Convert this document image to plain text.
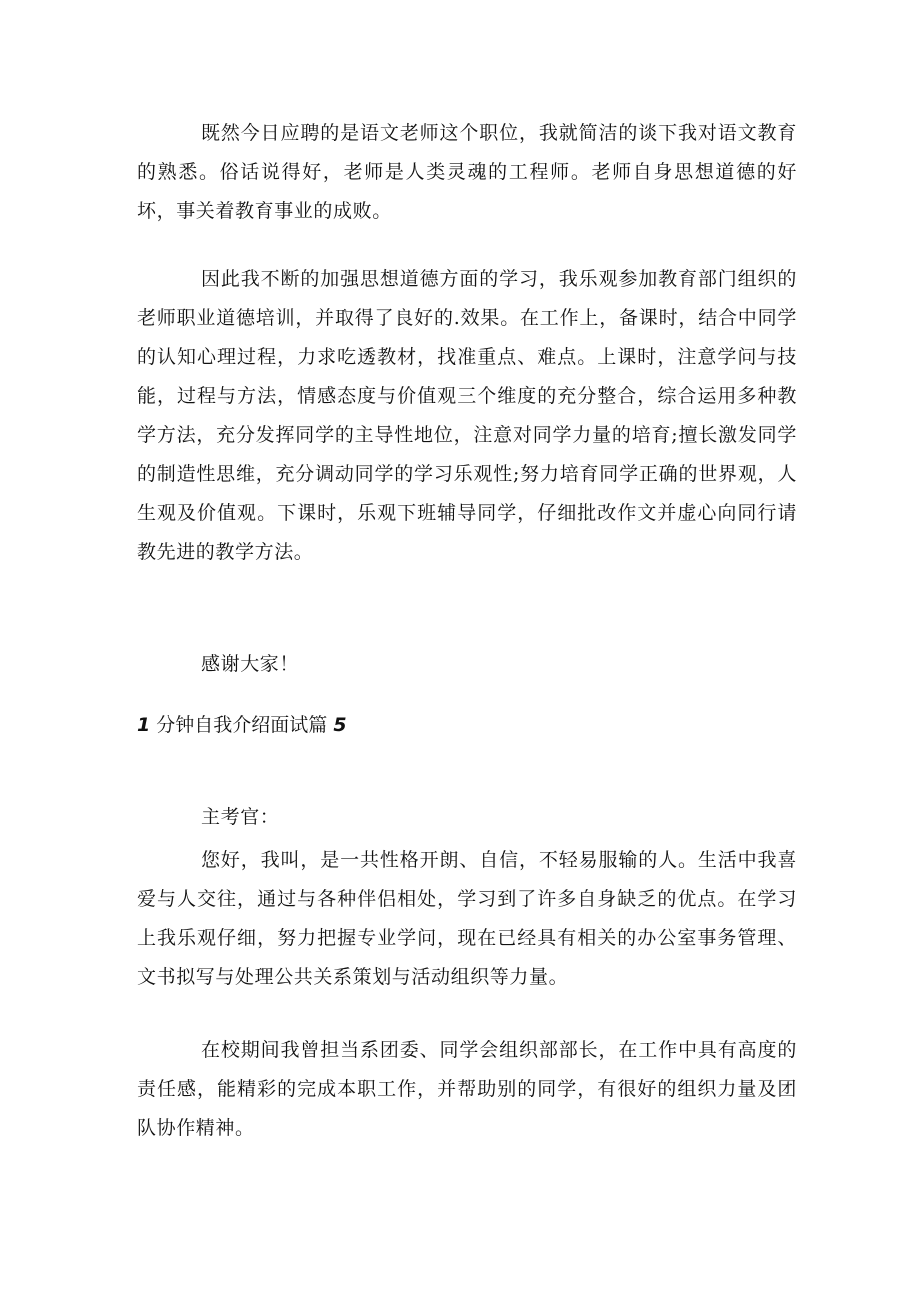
既然今日应聘的是语文老师这个职位，我就简洁的谈下我对语文教育的熟悉。俗话说得好，老师是人类灵魂的工程师。老师自身思想道德的好坏，事关着教育事业的成败。

因此我不断的加强思想道德方面的学习，我乐观参加教育部门组织的老师职业道德培训，并取得了良好的.效果。在工作上，备课时，结合中同学的认知心理过程，力求吃透教材，找准重点、难点。上课时，注意学问与技能，过程与方法，情感态度与价值观三个维度的充分整合，综合运用多种教学方法，充分发挥同学的主导性地位，注意对同学力量的培育;擅长激发同学的制造性思维，充分调动同学的学习乐观性;努力培育同学正确的世界观，人生观及价值观。下课时，乐观下班辅导同学，仔细批改作文并虚心向同行请教先进的教学方法。

感谢大家！

1 分钟自我介绍面试篇 5

主考官：

您好，我叫，是一共性格开朗、自信，不轻易服输的人。生活中我喜爱与人交往，通过与各种伴侣相处，学习到了许多自身缺乏的优点。在学习上我乐观仔细，努力把握专业学问，现在已经具有相关的办公室事务管理、文书拟写与处理公共关系策划与活动组织等力量。

在校期间我曾担当系团委、同学会组织部部长，在工作中具有高度的责任感，能精彩的完成本职工作，并帮助别的同学，有很好的组织力量及团队协作精神。
